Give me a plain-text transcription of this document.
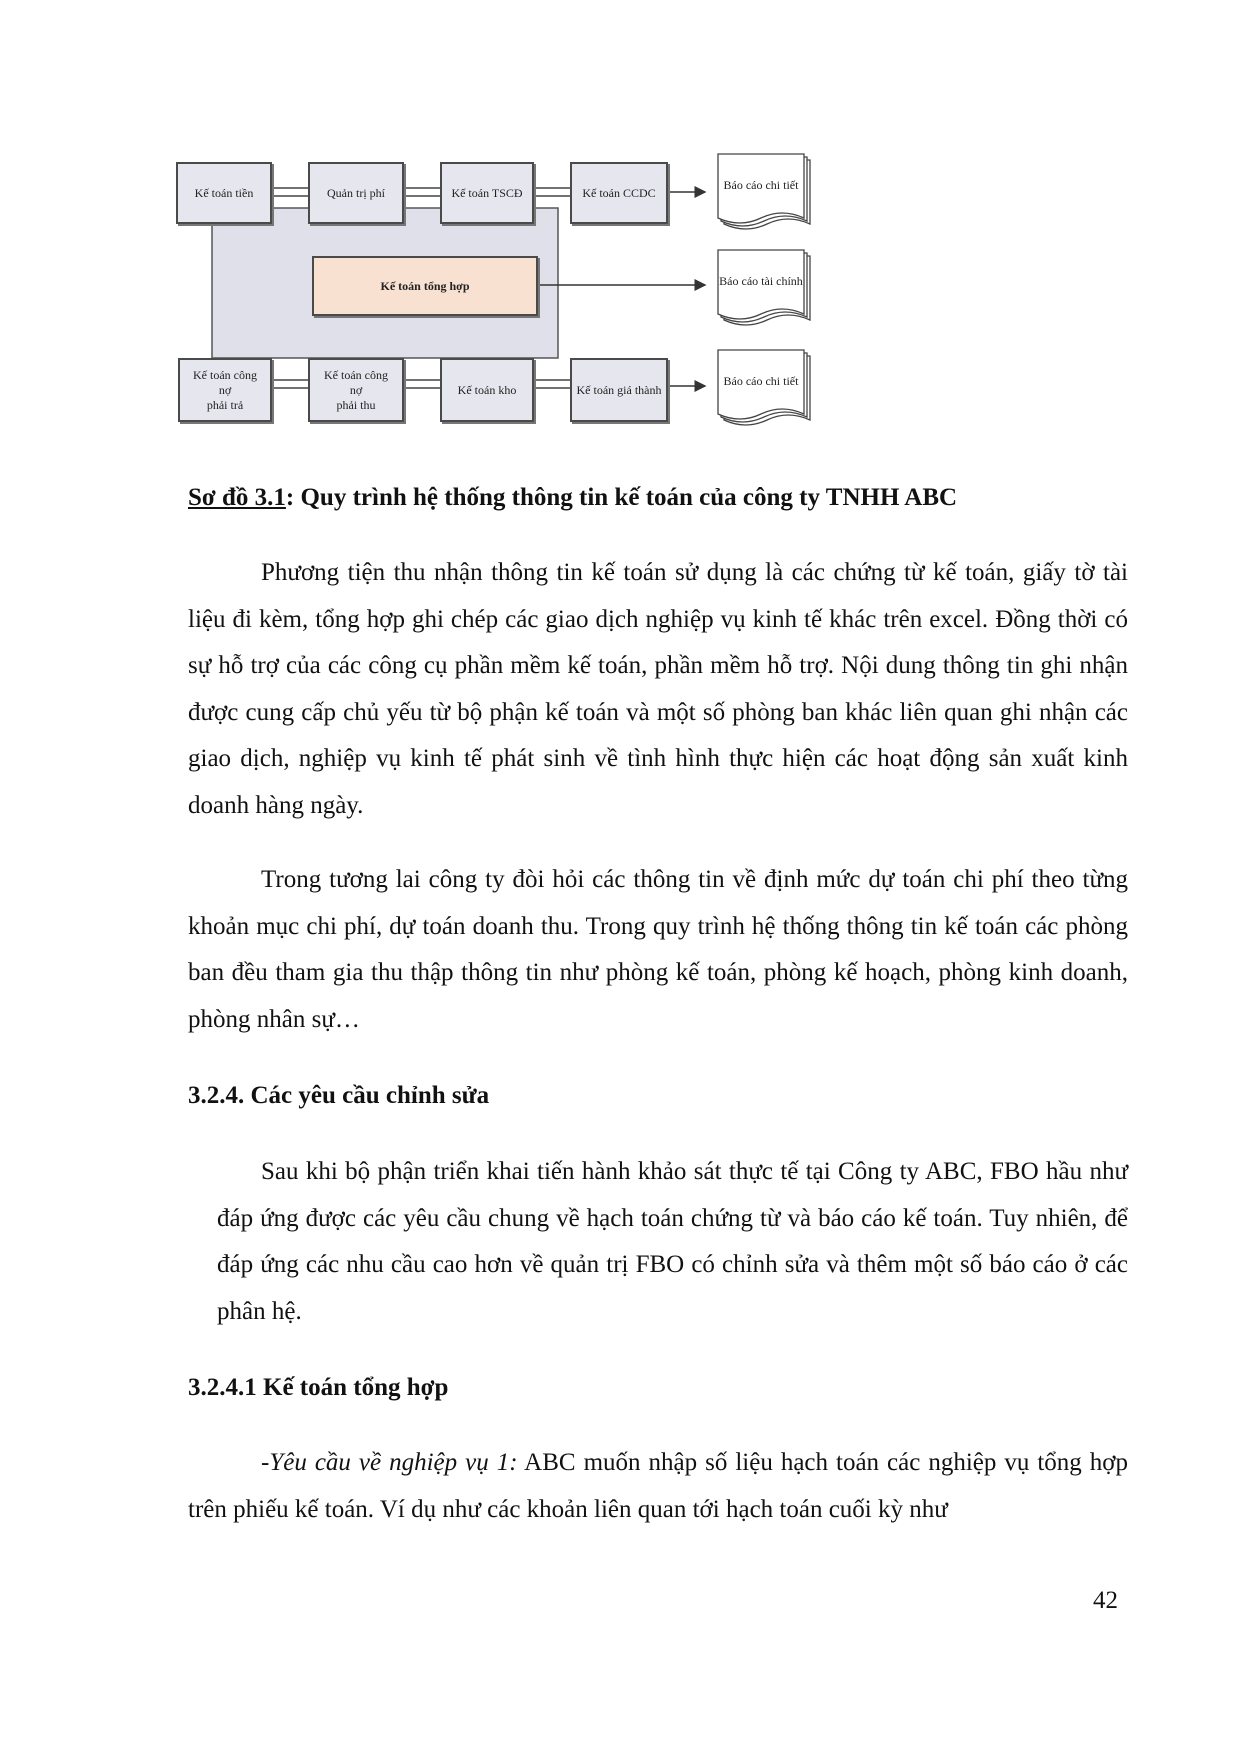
Kế toán tiền	Quản trị phí	Kế toán TSCĐ	Kế toán CCDC
Kế toán tổng hợp
Kế toán công nợ
phải trả
Kế toán công nợ
phải thu
Kế toán kho	Kế toán giá thành
Báo cáo chi tiết
Báo cáo tài chính
Báo cáo chi tiết
Sơ đồ 3.1: Quy trình hệ thống thông tin kế toán của công ty TNHH ABC

Phương tiện thu nhận thông tin kế toán sử dụng là các chứng từ kế toán, giấy tờ tài liệu đi kèm, tổng hợp ghi chép các giao dịch nghiệp vụ kinh tế khác trên excel. Đồng thời có sự hỗ trợ của các công cụ phần mềm kế toán, phần mềm hỗ trợ. Nội dung thông tin ghi nhận được cung cấp chủ yếu từ bộ phận kế toán và một số phòng ban khác liên quan ghi nhận các giao dịch, nghiệp vụ kinh tế phát sinh về tình hình thực hiện các hoạt động sản xuất kinh doanh hàng ngày.

Trong tương lai công ty đòi hỏi các thông tin về định mức dự toán chi phí theo từng khoản mục chi phí, dự toán doanh thu. Trong quy trình hệ thống thông tin kế toán các phòng ban đều tham gia thu thập thông tin như phòng kế toán, phòng kế hoạch, phòng kinh doanh, phòng nhân sự…

3.2.4. Các yêu cầu chỉnh sửa

Sau khi bộ phận triển khai tiến hành khảo sát thực tế tại Công ty ABC, FBO hầu như đáp ứng được các yêu cầu chung về hạch toán chứng từ và báo cáo kế toán. Tuy nhiên, để đáp ứng các nhu cầu cao hơn về quản trị FBO có chỉnh sửa và thêm một số báo cáo ở các phân hệ.

3.2.4.1 Kế toán tổng hợp

-Yêu cầu về nghiệp vụ 1: ABC muốn nhập số liệu hạch toán các nghiệp vụ tổng hợp trên phiếu kế toán. Ví dụ như các khoản liên quan tới hạch toán cuối kỳ như

42
